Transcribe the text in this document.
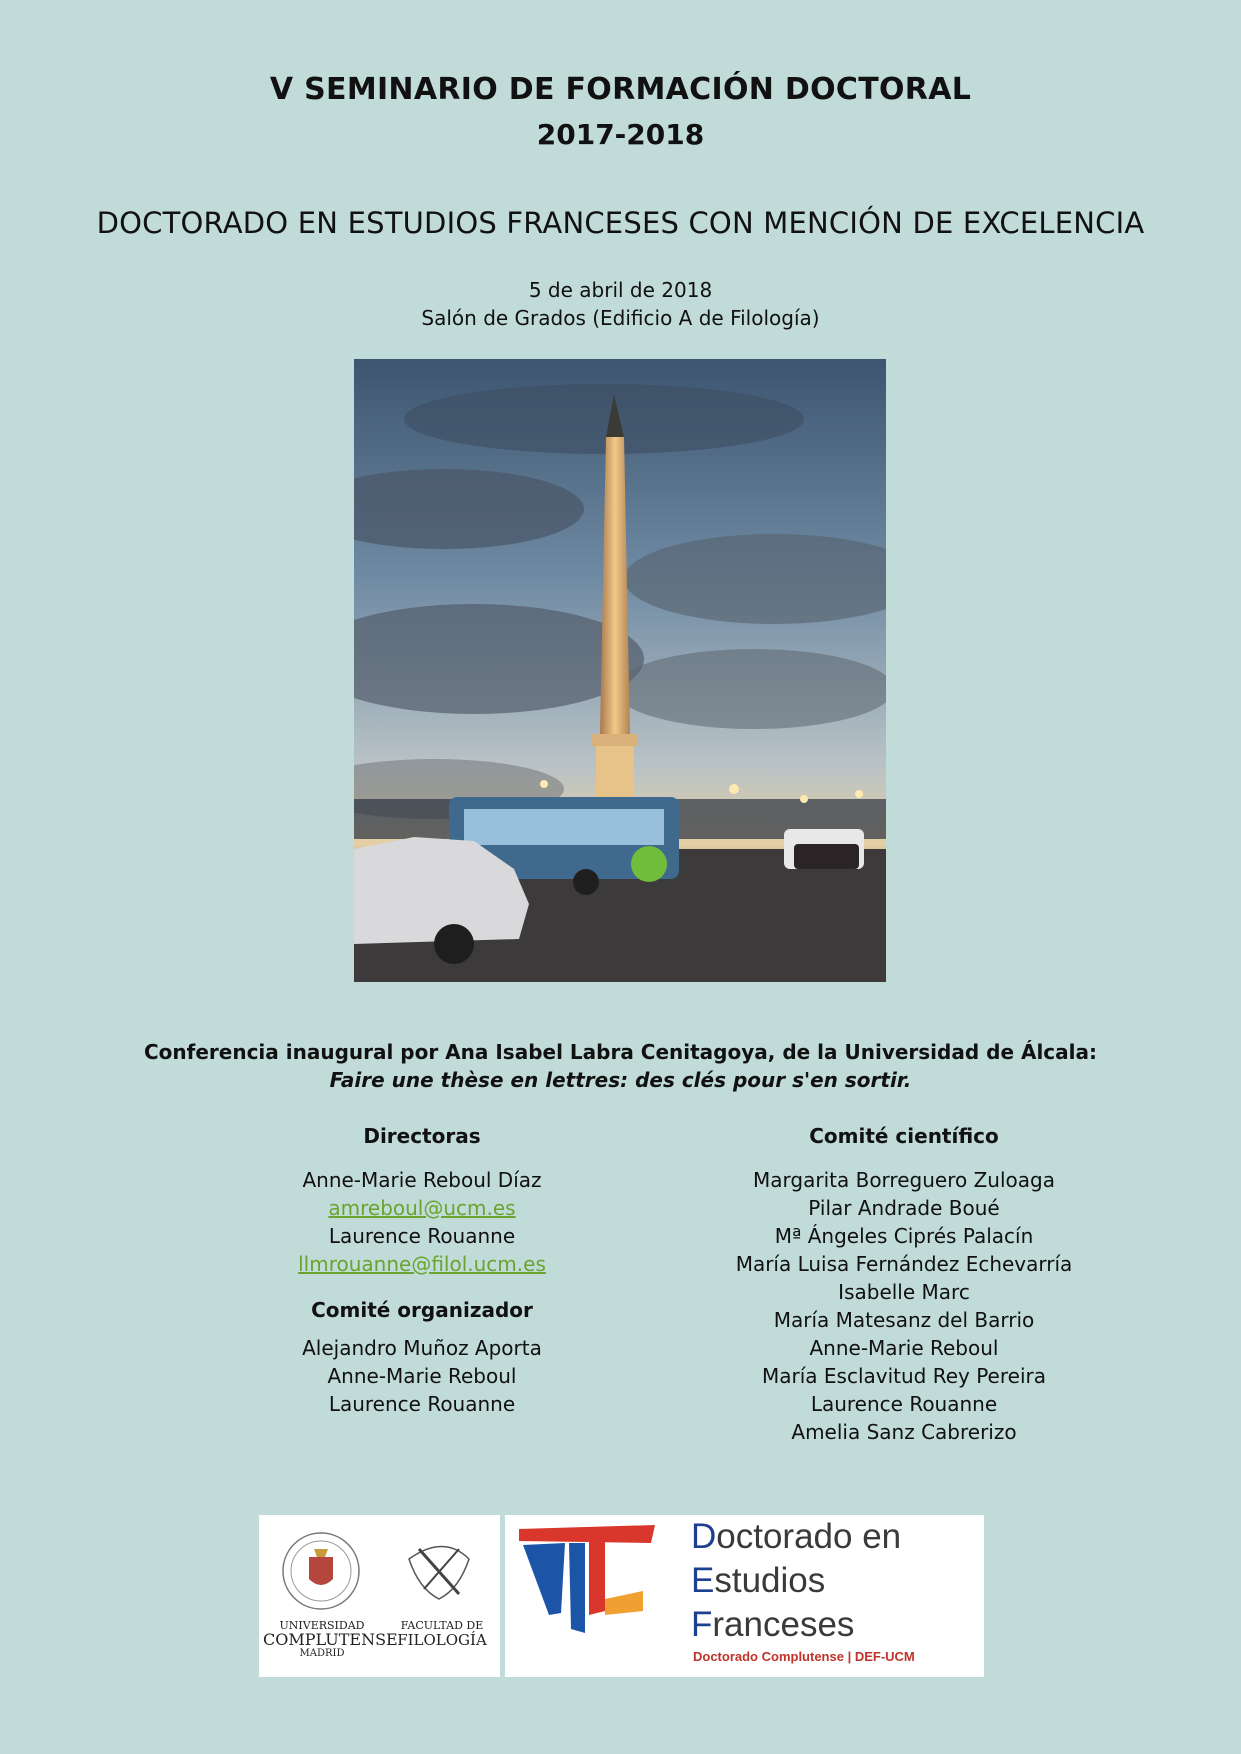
V SEMINARIO DE FORMACIÓN DOCTORAL
2017-2018
DOCTORADO EN ESTUDIOS FRANCESES CON MENCIÓN DE EXCELENCIA
5 de abril de 2018
Salón de Grados (Edificio A de Filología)
Conferencia inaugural por Ana Isabel Labra Cenitagoya, de la Universidad de Álcala:
Faire une thèse en lettres: des clés pour s'en sortir.
Directoras
Anne-Marie Reboul Díaz
amreboul@ucm.es
Laurence Rouanne
llmrouanne@filol.ucm.es
Comité organizador
Alejandro Muñoz Aporta
Anne-Marie Reboul
Laurence Rouanne
Comité científico
Margarita Borreguero Zuloaga
Pilar Andrade Boué
Mª Ángeles Ciprés Palacín
María Luisa Fernández Echevarría
Isabelle Marc
María Matesanz del Barrio
Anne-Marie Reboul
María Esclavitud Rey Pereira
Laurence Rouanne
Amelia Sanz Cabrerizo
UNIVERSIDAD
COMPLUTENSE
MADRID
FACULTAD DE
FILOLOGÍA
Doctorado en
Estudios
Franceses
Doctorado Complutense | DEF-UCM
